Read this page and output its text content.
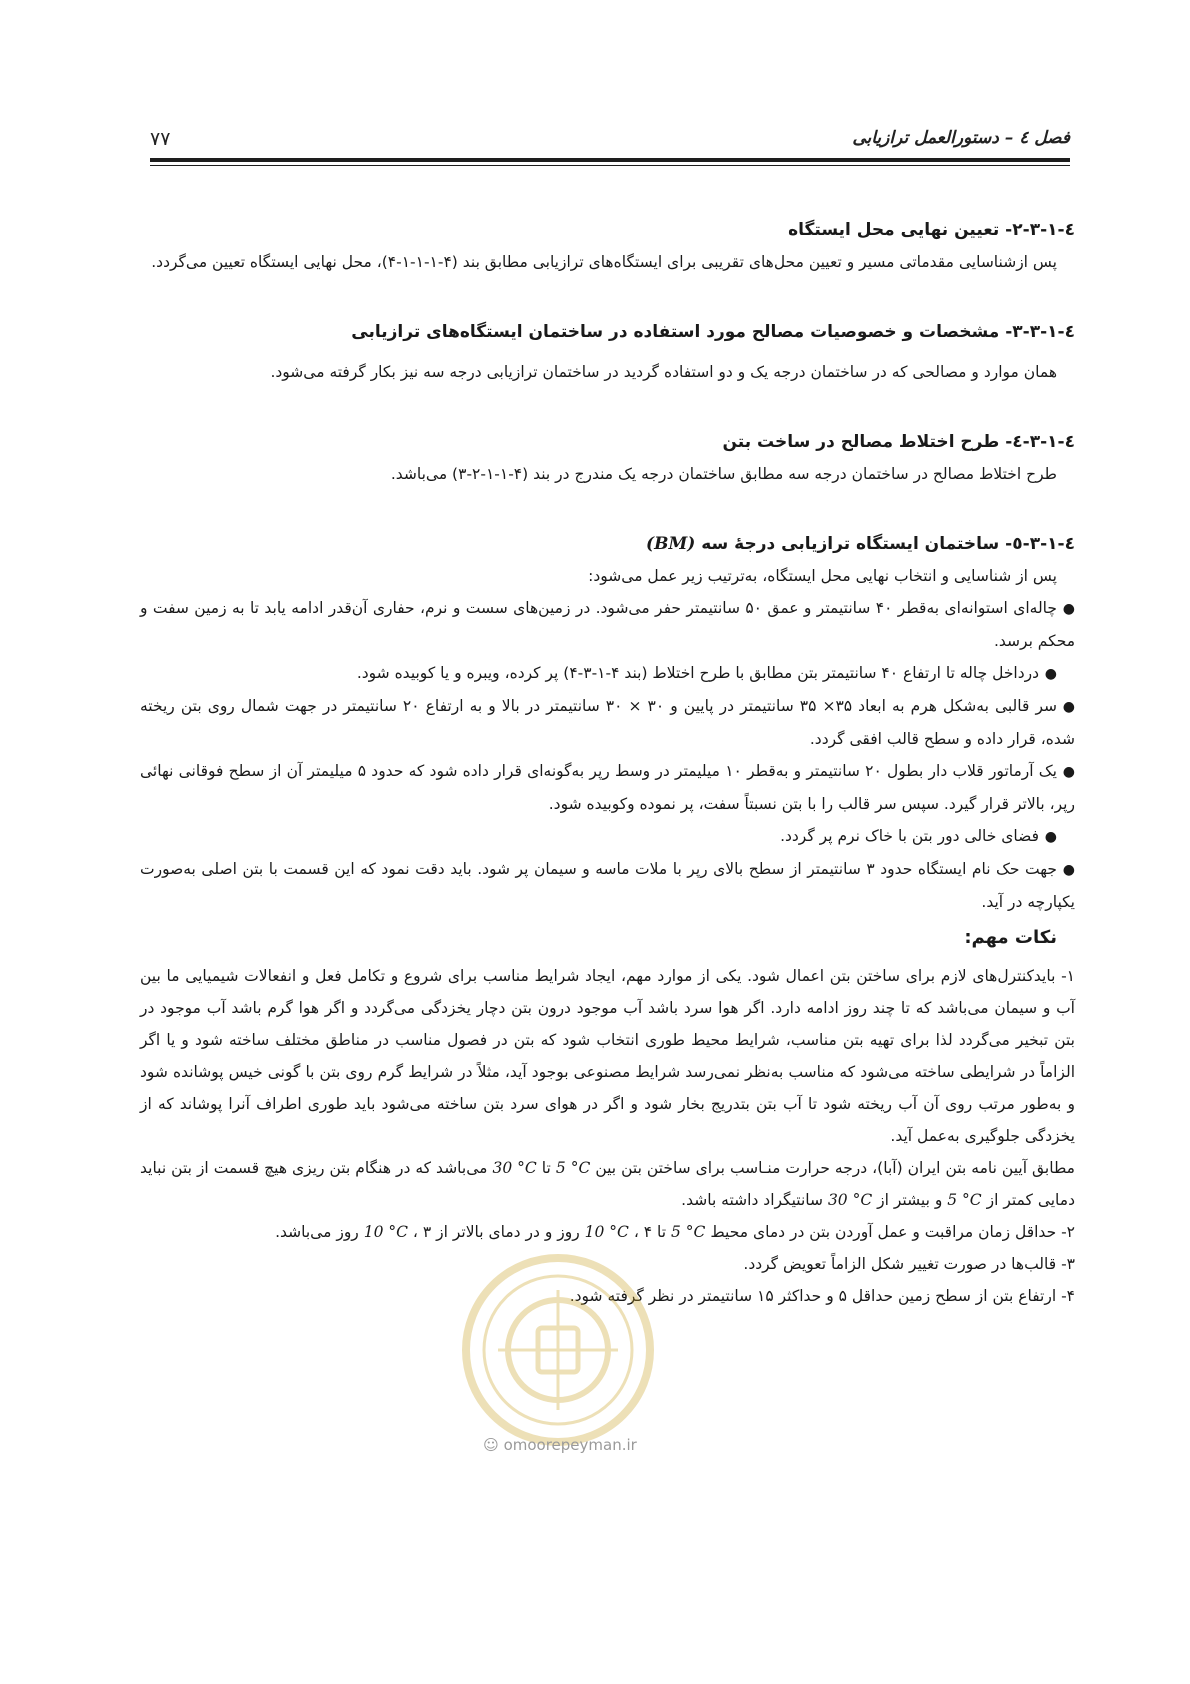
فصل ٤ – دستورالعمل ترازیابی
۷۷
٤-١-٣-٢- تعیین نهایی محل ایستگاه

پس ازشناسایی مقدماتی مسیر و تعیین محل‌های تقریبی برای ایستگاه‌های ترازیابی مطابق بند (۴-۱-۱-۱-۴)، محل نهایی ایستگاه تعیین می‌گردد.

٤-١-٣-٣- مشخصات و خصوصیات مصالح مورد استفاده در ساختمان ایستگاه‌های ترازیابی

همان موارد و مصالحی که در ساختمان درجه یک و دو استفاده گردید در ساختمان ترازیابی درجه سه نیز بکار گرفته می‌شود.

٤-١-٣-٤- طرح اختلاط مصالح در ساخت بتن

طرح اختلاط مصالح در ساختمان درجه سه مطابق ساختمان درجه یک مندرج در بند (۴-۱-۱-۲-۳) می‌باشد.

٤-١-٣-٥- ساختمان ایستگاه ترازیابی درجهٔ سه (BM)

پس از شناسایی و انتخاب نهایی محل ایستگاه، به‌ترتیب زیر عمل می‌شود:

●چاله‌ای استوانه‌ای به‌قطر ۴۰ سانتیمتر و عمق ۵۰ سانتیمتر حفر می‌شود. در زمین‌های سست و نرم، حفاری آن‌قدر ادامه یابد تا به زمین سفت و محکم برسد.
●درداخل چاله تا ارتفاع ۴۰ سانتیمتر بتن مطابق با طرح اختلاط (بند ۴-۱-۳-۴) پر کرده، ویبره و یا کوبیده شود.
●سر قالبی به‌شکل هرم به ابعاد ۳۵× ۳۵ سانتیمتر در پایین و ۳۰ × ۳۰ سانتیمتر در بالا و به ارتفاع ۲۰ سانتیمتر در جهت شمال روی بتن ریخته شده، قرار داده و سطح قالب افقی گردد.
●یک آرماتور قلاب دار بطول ۲۰ سانتیمتر و به‌قطر ۱۰ میلیمتر در وسط رپر به‌گونه‌ای قرار داده شود که حدود ۵ میلیمتر آن از سطح فوقانی نهائی رپر، بالاتر قرار گیرد. سپس سر قالب را با بتن نسبتاً سفت، پر نموده وکوبیده شود.
●فضای خالی دور بتن با خاک نرم پر گردد.
●جهت حک نام ایستگاه حدود ۳ سانتیمتر از سطح بالای رپر با ملات ماسه و سیمان پر شود. باید دقت نمود که این قسمت با بتن اصلی به‌صورت یکپارچه در آید.
نکات مهم:

۱- بایدکنترل‌های لازم برای ساختن بتن اعمال شود. یکی از موارد مهم، ایجاد شرایط مناسب برای شروع و تکامل فعل و انفعالات شیمیایی ما بین آب و سیمان می‌باشد که تا چند روز ادامه دارد. اگر هوا سرد باشد آب موجود درون بتن دچار یخزدگی می‌گردد و اگر هوا گرم باشد آب موجود در بتن تبخیر می‌گردد لذا برای تهیه بتن مناسب، شرایط محیط طوری انتخاب شود که بتن در فصول مناسب در مناطق مختلف ساخته شود و یا اگر الزاماً در شرایطی ساخته می‌شود که مناسب به‌نظر نمی‌رسد شرایط مصنوعی بوجود آید، مثلاً در شرایط گرم روی بتن با گونی خیس پوشانده شود و به‌طور مرتب روی آن آب ریخته شود تا آب بتن بتدریج بخار شود و اگر در هوای سرد بتن ساخته می‌شود باید طوری اطراف آنرا پوشاند که از یخزدگی جلوگیری به‌عمل آید.

مطابق آیین نامه بتن ایران (آبا)، درجه حرارت منـاسب برای ساختن بتن بین 5 °C تا 30 °C می‌باشد که در هنگام بتن ریزی هیچ قسمت از بتن نباید دمایی کمتر از 5 °C و بیشتر از 30 °C سانتیگراد داشته باشد.

۲- حداقل زمان مراقبت و عمل آوردن بتن در دمای محیط 5 °C تا 10 °C ، ۴ روز و در دمای بالاتر از 10 °C ، ۳ روز می‌باشد.

۳- قالب‌ها در صورت تغییر شکل الزاماً تعویض گردد.

۴- ارتفاع بتن از سطح زمین حداقل ۵ و حداکثر ۱۵ سانتیمتر در نظر گرفته شود.

☺ omoorepeyman.ir
